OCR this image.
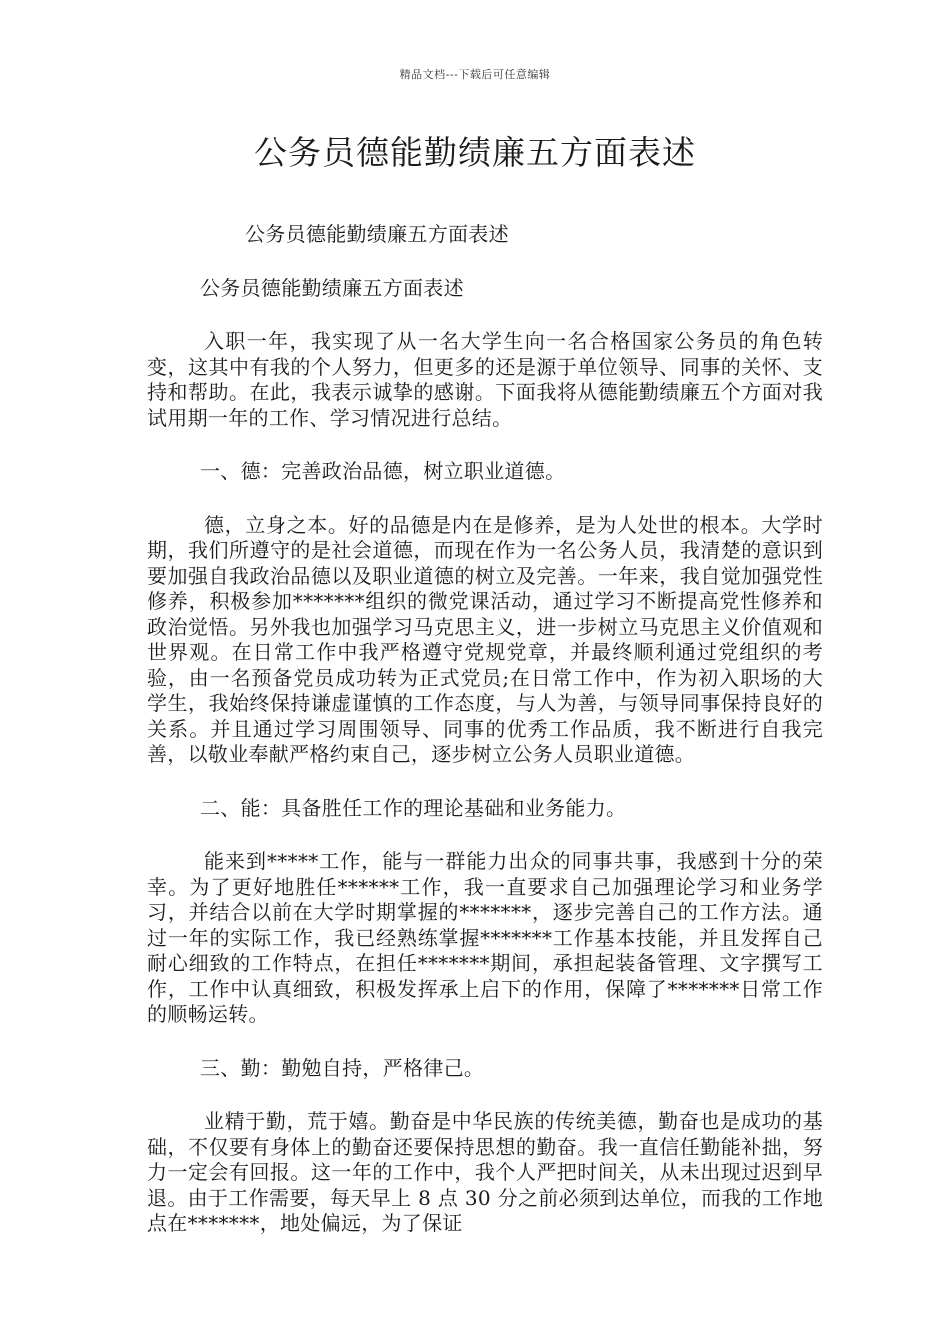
精品文档---下载后可任意编辑
公务员德能勤绩廉五方面表述

公务员德能勤绩廉五方面表述

公务员德能勤绩廉五方面表述

入职一年，我实现了从一名大学生向一名合格国家公务员的角色转变，这其中有我的个人努力，但更多的还是源于单位领导、同事的关怀、支持和帮助。在此，我表示诚挚的感谢。下面我将从德能勤绩廉五个方面对我试用期一年的工作、学习情况进行总结。

一、德：完善政治品德，树立职业道德。

德，立身之本。好的品德是内在是修养，是为人处世的根本。大学时期，我们所遵守的是社会道德，而现在作为一名公务人员，我清楚的意识到要加强自我政治品德以及职业道德的树立及完善。一年来，我自觉加强党性修养，积极参加*******组织的微党课活动，通过学习不断提高党性修养和政治觉悟。另外我也加强学习马克思主义，进一步树立马克思主义价值观和世界观。在日常工作中我严格遵守党规党章，并最终顺利通过党组织的考验，由一名预备党员成功转为正式党员;在日常工作中，作为初入职场的大学生，我始终保持谦虚谨慎的工作态度，与人为善，与领导同事保持良好的关系。并且通过学习周围领导、同事的优秀工作品质，我不断进行自我完善，以敬业奉献严格约束自己，逐步树立公务人员职业道德。

二、能：具备胜任工作的理论基础和业务能力。

能来到*****工作，能与一群能力出众的同事共事，我感到十分的荣幸。为了更好地胜任******工作，我一直要求自己加强理论学习和业务学习，并结合以前在大学时期掌握的*******，逐步完善自己的工作方法。通过一年的实际工作，我已经熟练掌握*******工作基本技能，并且发挥自己耐心细致的工作特点，在担任*******期间，承担起装备管理、文字撰写工作，工作中认真细致，积极发挥承上启下的作用，保障了*******日常工作的顺畅运转。

三、勤：勤勉自持，严格律己。

业精于勤，荒于嬉。勤奋是中华民族的传统美德，勤奋也是成功的基础，不仅要有身体上的勤奋还要保持思想的勤奋。我一直信任勤能补拙，努力一定会有回报。这一年的工作中，我个人严把时间关，从未出现过迟到早退。由于工作需要，每天早上 8 点 30 分之前必须到达单位，而我的工作地点在*******，地处偏远，为了保证
